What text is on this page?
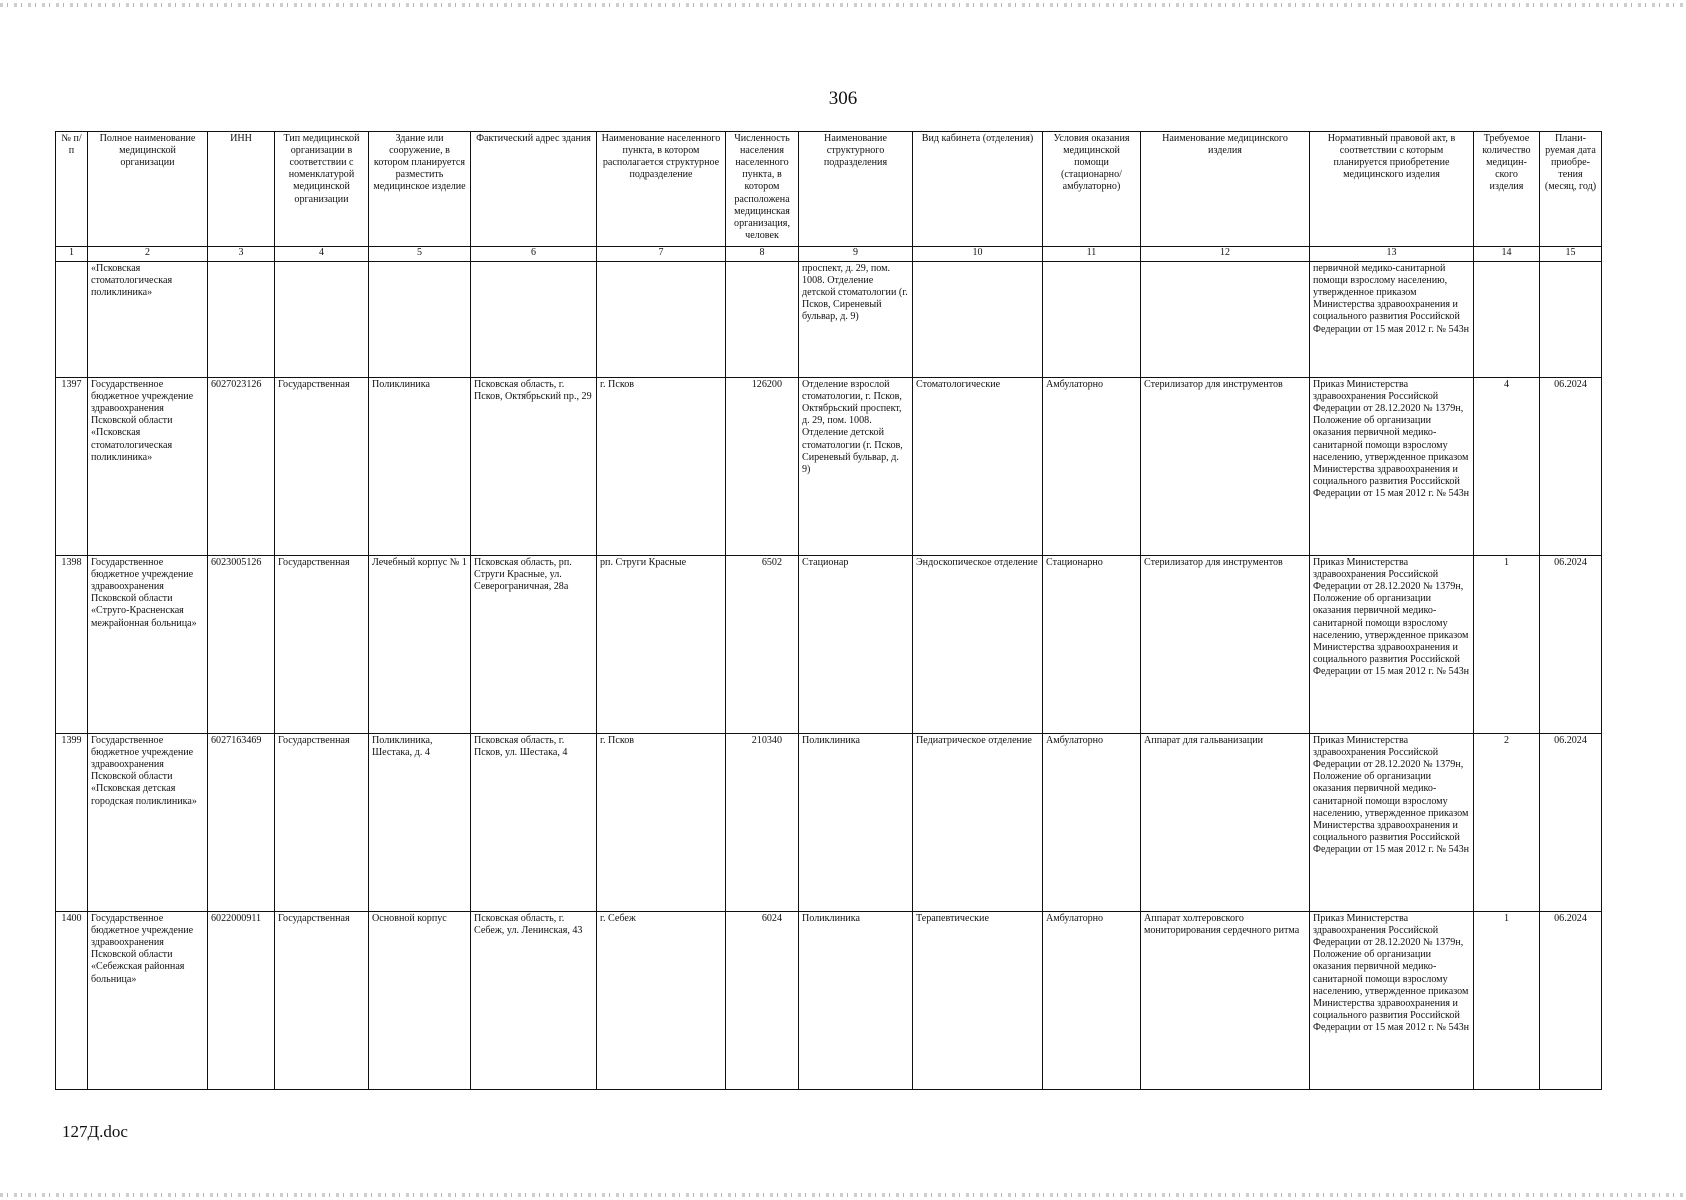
306
№ п/п	Полное наименование медицинской организации	ИНН	Тип медицинской организации в соответствии с номенклатурой медицинской организации	Здание или сооружение, в котором планируется разместить медицинское изделие	Фактический адрес здания	Наименование населенного пункта, в котором располагается структурное подразделение	Численность населения населенного пункта, в котором расположена медицинская организация, человек	Наименование структурного подразделения	Вид кабинета (отделения)	Условия оказания медицинской помощи (стационарно/ амбулаторно)	Наименование медицинского изделия	Нормативный правовой акт, в соответствии с которым планируется приобретение медицинского изделия	Требуемое количество медицин-ского изделия	Плани-руемая дата приобре-тения (месяц, год)
1	2	3	4	5	6	7	8	9	10	11	12	13	14	15
	«Псковская стоматологическая поликлиника»							проспект, д. 29, пом. 1008. Отделение детской стоматологии (г. Псков, Сиреневый бульвар, д. 9)				первичной медико-санитарной помощи взрослому населению, утвержденное приказом Министерства здравоохранения и социального развития Российской Федерации от 15 мая 2012 г. № 543н		
1397	Государственное бюджетное учреждение здравоохранения Псковской области «Псковская стоматологическая поликлиника»	6027023126	Государственная	Поликлиника	Псковская область, г. Псков, Октябрьский пр., 29	г. Псков	126200	Отделение взрослой стоматологии, г. Псков, Октябрьский проспект, д. 29, пом. 1008. Отделение детской стоматологии (г. Псков, Сиреневый бульвар, д. 9)	Стоматологические	Амбулаторно	Стерилизатор для инструментов	Приказ Министерства здравоохранения Российской Федерации от 28.12.2020 № 1379н, Положение об организации оказания первичной медико-санитарной помощи взрослому населению, утвержденное приказом Министерства здравоохранения и социального развития Российской Федерации от 15 мая 2012 г. № 543н	4	06.2024
1398	Государственное бюджетное учреждение здравоохранения Псковской области «Струго-Красненская межрайонная больница»	6023005126	Государственная	Лечебный корпус № 1	Псковская область, рп. Струги Красные, ул. Северограничная, 28а	рп. Струги Красные	6502	Стационар	Эндоскопическое отделение	Стационарно	Стерилизатор для инструментов	Приказ Министерства здравоохранения Российской Федерации от 28.12.2020 № 1379н, Положение об организации оказания первичной медико-санитарной помощи взрослому населению, утвержденное приказом Министерства здравоохранения и социального развития Российской Федерации от 15 мая 2012 г. № 543н	1	06.2024
1399	Государственное бюджетное учреждение здравоохранения Псковской области «Псковская детская городская поликлиника»	6027163469	Государственная	Поликлиника, Шестака, д. 4	Псковская область, г. Псков, ул. Шестака, 4	г. Псков	210340	Поликлиника	Педиатрическое отделение	Амбулаторно	Аппарат для гальванизации	Приказ Министерства здравоохранения Российской Федерации от 28.12.2020 № 1379н, Положение об организации оказания первичной медико-санитарной помощи взрослому населению, утвержденное приказом Министерства здравоохранения и социального развития Российской Федерации от 15 мая 2012 г. № 543н	2	06.2024
1400	Государственное бюджетное учреждение здравоохранения Псковской области «Себежская районная больница»	6022000911	Государственная	Основной корпус	Псковская область, г. Себеж, ул. Ленинская, 43	г. Себеж	6024	Поликлиника	Терапевтические	Амбулаторно	Аппарат холтеровского мониторирования сердечного ритма	Приказ Министерства здравоохранения Российской Федерации от 28.12.2020 № 1379н, Положение об организации оказания первичной медико-санитарной помощи взрослому населению, утвержденное приказом Министерства здравоохранения и социального развития Российской Федерации от 15 мая 2012 г. № 543н	1	06.2024
127Д.doc
